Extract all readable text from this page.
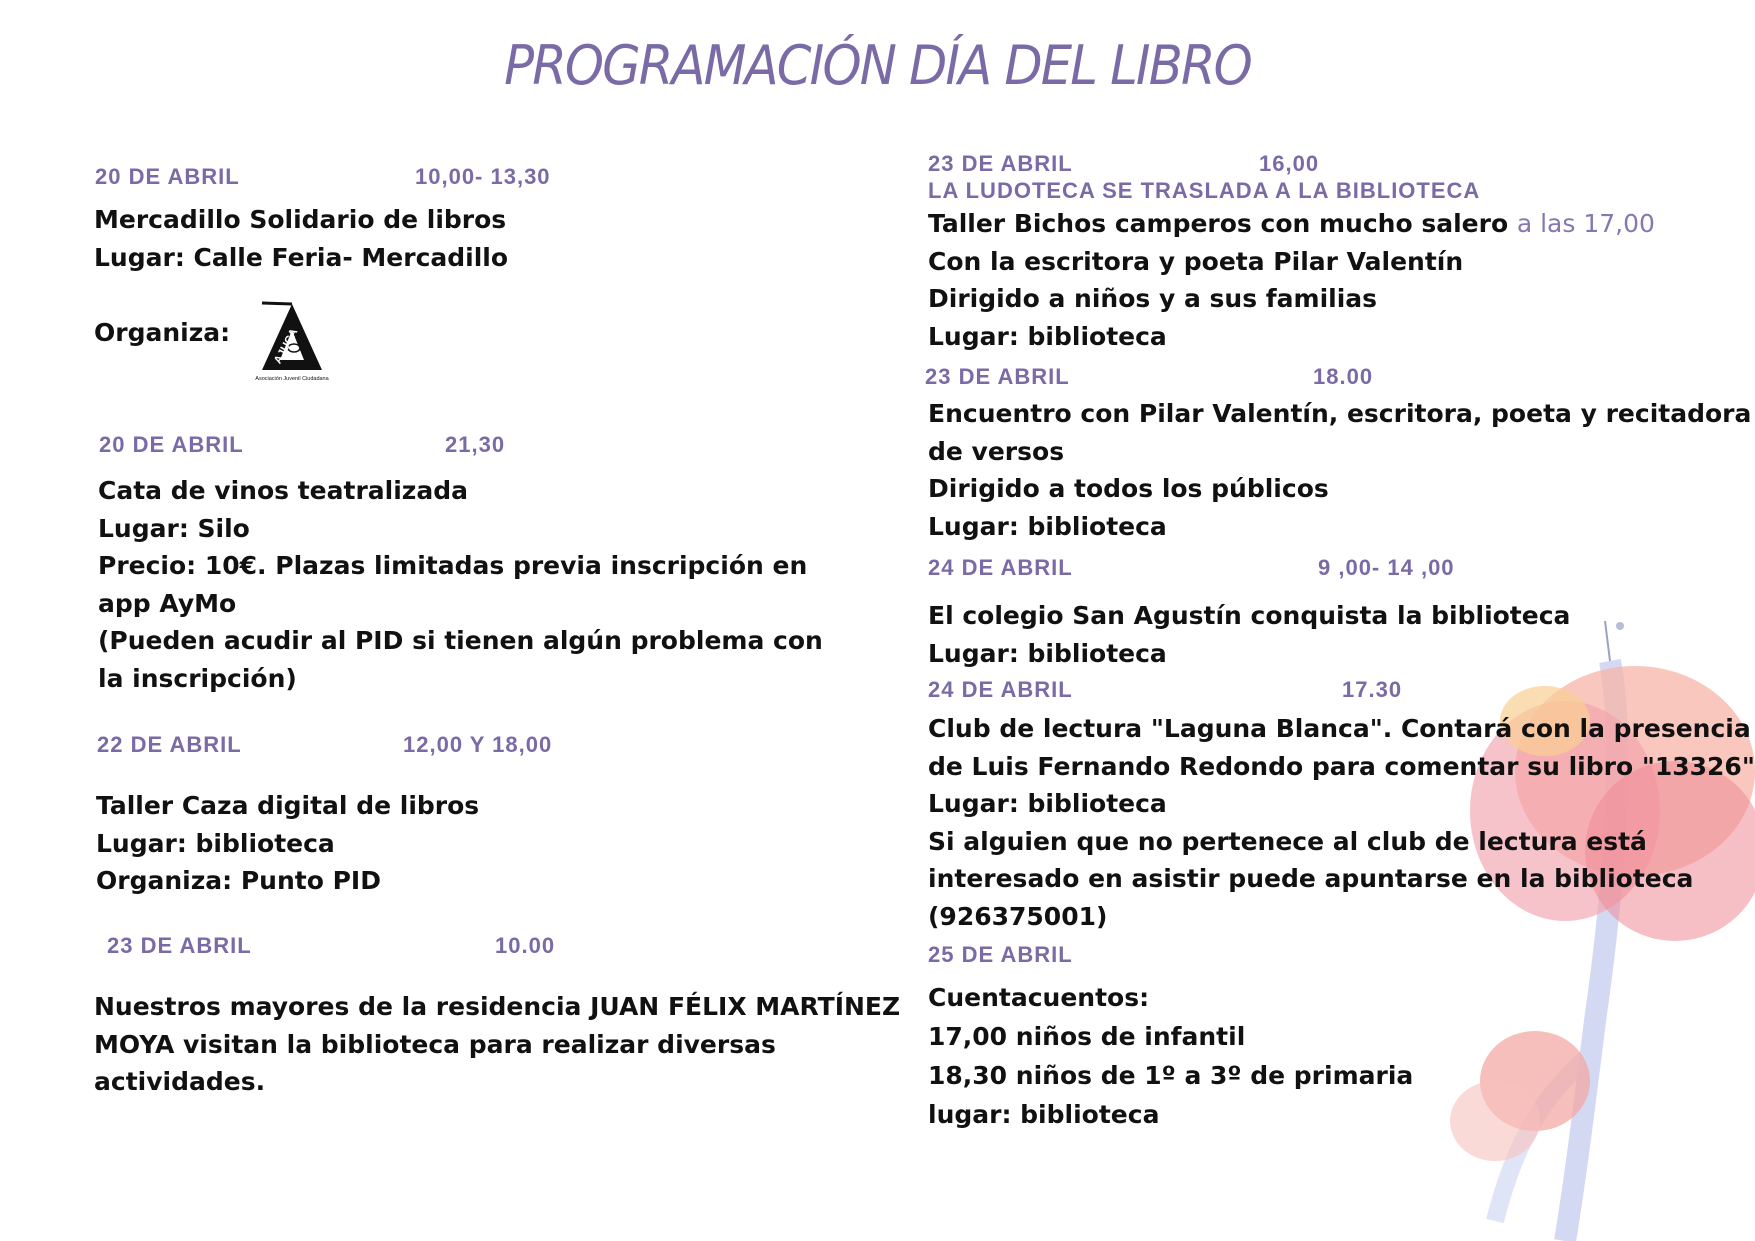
PROGRAMACIÓN DÍA DEL LIBRO
20 DE ABRIL	10,00- 13,30
Mercadillo Solidario de libros
Lugar: Calle Feria- Mercadillo
Organiza:	AJUCA
Asociación Juvenil Ciudadana
20 DE ABRIL	21,30
Cata de vinos teatralizada
Lugar: Silo
Precio: 10€. Plazas limitadas previa inscripción en
app AyMo
(Pueden acudir al PID si tienen algún problema con
la inscripción)
22 DE ABRIL	12,00 Y 18,00
Taller Caza digital de libros
Lugar: biblioteca
Organiza: Punto PID
23 DE ABRIL	10.00
Nuestros mayores de la residencia JUAN FÉLIX MARTÍNEZ
MOYA visitan la biblioteca para realizar diversas
actividades.
23 DE ABRIL	16,00
LA LUDOTECA SE TRASLADA A LA BIBLIOTECA
Taller Bichos camperos con mucho salero a las 17,00
Con la escritora y poeta Pilar Valentín
Dirigido a niños y a sus familias
Lugar: biblioteca
23 DE ABRIL	18.00
Encuentro con Pilar Valentín, escritora, poeta y recitadora
de versos
Dirigido a todos los públicos
Lugar: biblioteca
24 DE ABRIL	9 ,00- 14 ,00
El colegio San Agustín conquista la biblioteca
Lugar: biblioteca
24 DE ABRIL	17.30
Club de lectura "Laguna Blanca". Contará con la presencia
de Luis Fernando Redondo para comentar su libro "13326"
Lugar: biblioteca
Si alguien que no pertenece al club de lectura está
interesado en asistir puede apuntarse en la biblioteca
(926375001)
25 DE ABRIL
Cuentacuentos:
17,00 niños de infantil
18,30 niños de 1º a 3º de primaria
lugar: biblioteca
